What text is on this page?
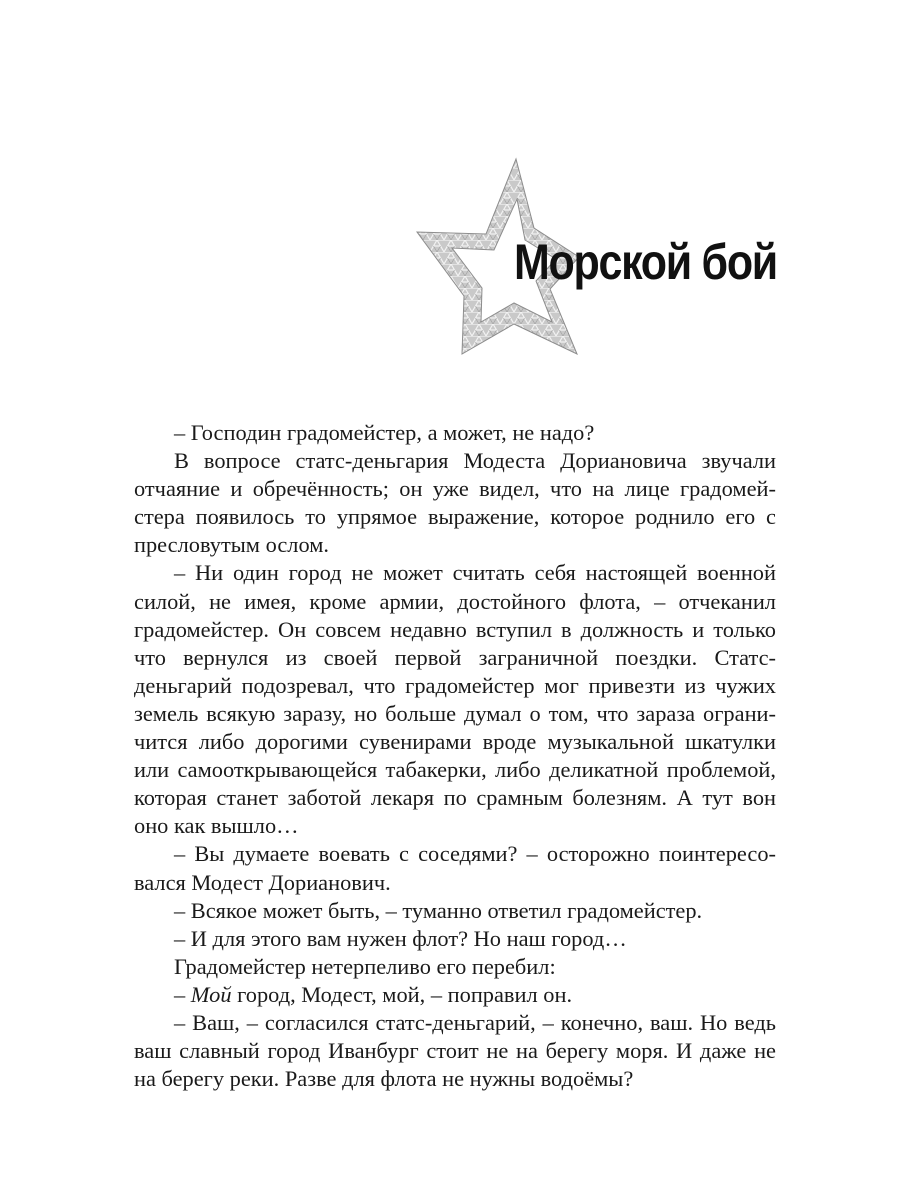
Морской бой

– Господин градомейстер, а может, не надо?

В вопросе статс-деньгария Модеста Дориановича звучали отчаяние и обречённость; он уже видел, что на лице градомейстера появилось то упрямое выражение, которое роднило его с пресловутым ослом.

– Ни один город не может считать себя настоящей военной силой, не имея, кроме армии, достойного флота, – отчеканил градомейстер. Он совсем недавно вступил в должность и только что вернулся из своей первой заграничной поездки. Статсденьгарий подозревал, что градомейстер мог привезти из чужих земель всякую заразу, но больше думал о том, что зараза ограничится либо дорогими сувенирами вроде музыкальной шкатулки или самооткрывающейся табакерки, либо деликатной проблемой, которая станет заботой лекаря по срамным болезням. А тут вон оно как вышло…

– Вы думаете воевать с соседями? – осторожно поинтересовался Модест Дорианович.

– Всякое может быть, – туманно ответил градомейстер.

– И для этого вам нужен флот? Но наш город…

Градомейстер нетерпеливо его перебил:

– Мой город, Модест, мой, – поправил он.

– Ваш, – согласился статс-деньгарий, – конечно, ваш. Но ведь ваш славный город Иванбург стоит не на берегу моря. И даже не на берегу реки. Разве для флота не нужны водоёмы?
